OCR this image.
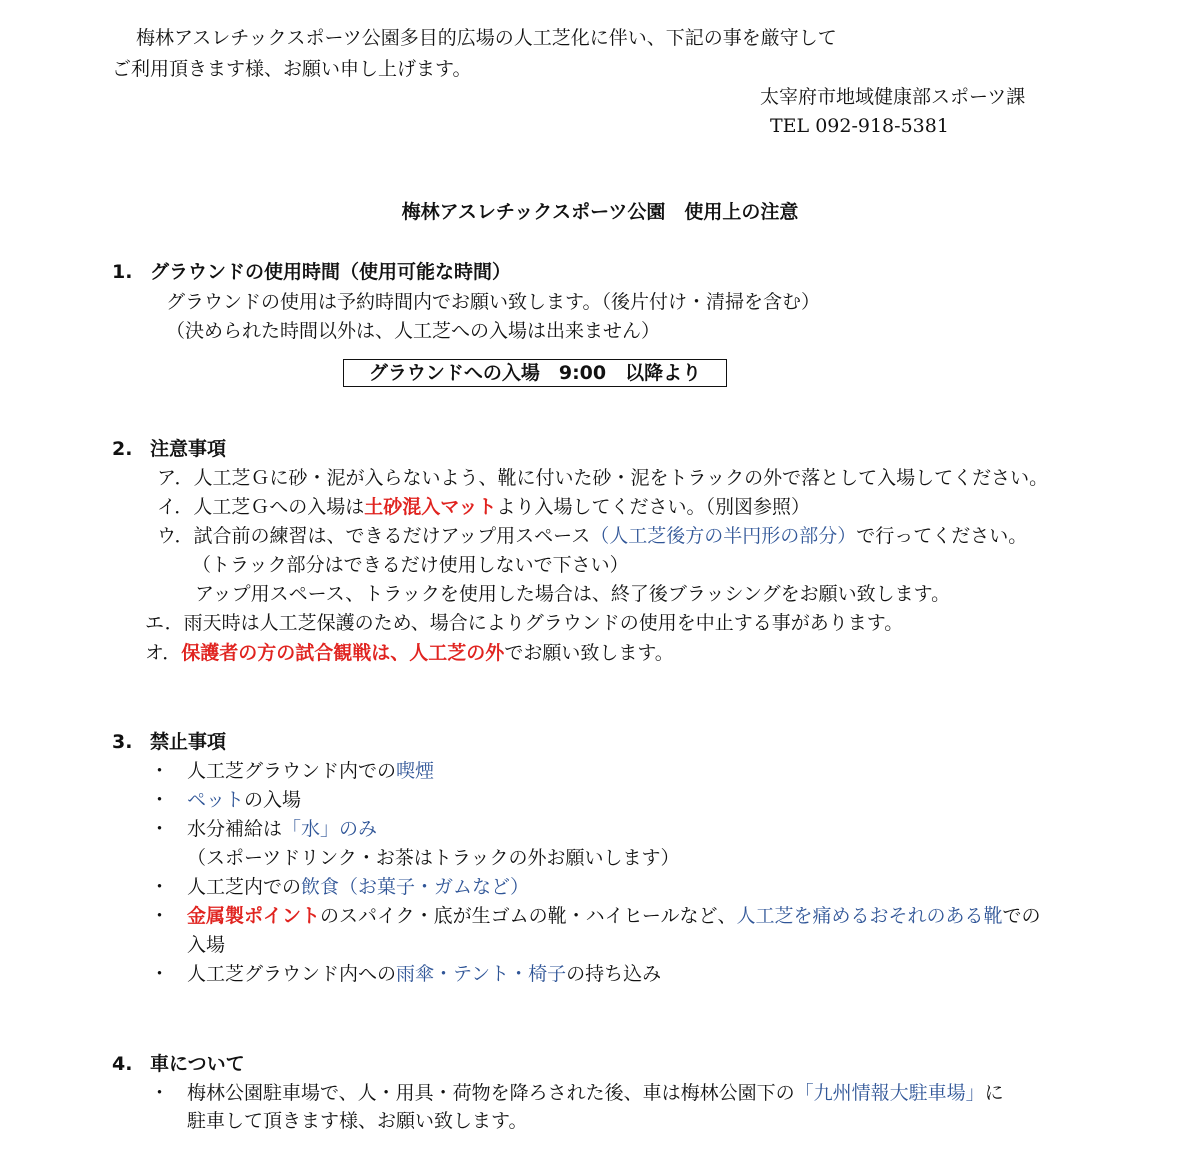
梅林アスレチックスポーツ公園多目的広場の人工芝化に伴い、下記の事を厳守して
ご利用頂きます様、お願い申し上げます。
太宰府市地域健康部スポーツ課
TEL 092-918-5381
梅林アスレチックスポーツ公園　使用上の注意
1. グラウンドの使用時間（使用可能な時間）
グラウンドの使用は予約時間内でお願い致します。（後片付け・清掃を含む）
（決められた時間以外は、人工芝への入場は出来ません）
グラウンドへの入場　9:00　以降より
2. 注意事項
ア．人工芝Ｇに砂・泥が入らないよう、靴に付いた砂・泥をトラックの外で落として入場してください。
イ．人工芝Ｇへの入場は土砂混入マットより入場してください。（別図参照）
ウ．試合前の練習は、できるだけアップ用スペース（人工芝後方の半円形の部分）で行ってください。
（トラック部分はできるだけ使用しないで下さい）
アップ用スペース、トラックを使用した場合は、終了後ブラッシングをお願い致します。
エ．雨天時は人工芝保護のため、場合によりグラウンドの使用を中止する事があります。
オ．保護者の方の試合観戦は、人工芝の外でお願い致します。
3. 禁止事項
・ 人工芝グラウンド内での喫煙
・ ペットの入場
・ 水分補給は「水」のみ
（スポーツドリンク・お茶はトラックの外お願いします）
・ 人工芝内での飲食（お菓子・ガムなど）
・ 金属製ポイントのスパイク・底が生ゴムの靴・ハイヒールなど、人工芝を痛めるおそれのある靴での
入場
・ 人工芝グラウンド内への雨傘・テント・椅子の持ち込み
4. 車について
・ 梅林公園駐車場で、人・用具・荷物を降ろされた後、車は梅林公園下の「九州情報大駐車場」に
駐車して頂きます様、お願い致します。
